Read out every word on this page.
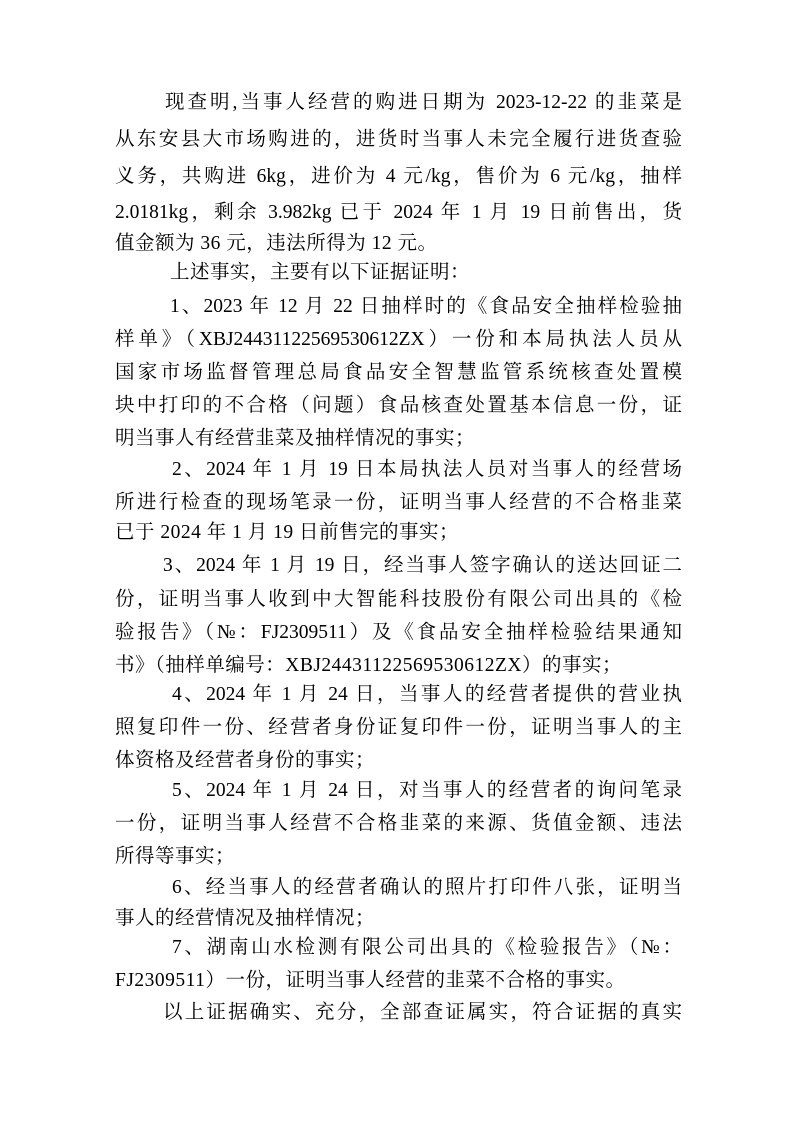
现查明,当事人经营的购进日期为 2023-12-22 的韭菜是
从东安县大市场购进的，进货时当事人未完全履行进货查验
义务，共购进 6kg，进价为 4 元/kg，售价为 6 元/kg，抽样
2.0181kg，剩余 3.982kg 已于 2024 年 1 月 19 日前售出，货
值金额为 36 元，违法所得为 12 元。
上述事实，主要有以下证据证明：
1、2023 年 12 月 22 日抽样时的《食品安全抽样检验抽
样单》（XBJ24431122569530612ZX）一份和本局执法人员从
国家市场监督管理总局食品安全智慧监管系统核查处置模
块中打印的不合格（问题）食品核查处置基本信息一份，证
明当事人有经营韭菜及抽样情况的事实；
2、2024 年 1 月 19 日本局执法人员对当事人的经营场
所进行检查的现场笔录一份，证明当事人经营的不合格韭菜
已于 2024 年 1 月 19 日前售完的事实；
3、2024 年 1 月 19 日，经当事人签字确认的送达回证二
份，证明当事人收到中大智能科技股份有限公司出具的《检
验报告》（№：FJ2309511）及《食品安全抽样检验结果通知
书》（抽样单编号：XBJ24431122569530612ZX）的事实；
4、2024 年 1 月 24 日，当事人的经营者提供的营业执
照复印件一份、经营者身份证复印件一份，证明当事人的主
体资格及经营者身份的事实；
5、2024 年 1 月 24 日，对当事人的经营者的询问笔录
一份，证明当事人经营不合格韭菜的来源、货值金额、违法
所得等事实；
6、经当事人的经营者确认的照片打印件八张，证明当
事人的经营情况及抽样情况；
7、湖南山水检测有限公司出具的《检验报告》（№：
FJ2309511）一份，证明当事人经营的韭菜不合格的事实。
以上证据确实、充分，全部查证属实，符合证据的真实
